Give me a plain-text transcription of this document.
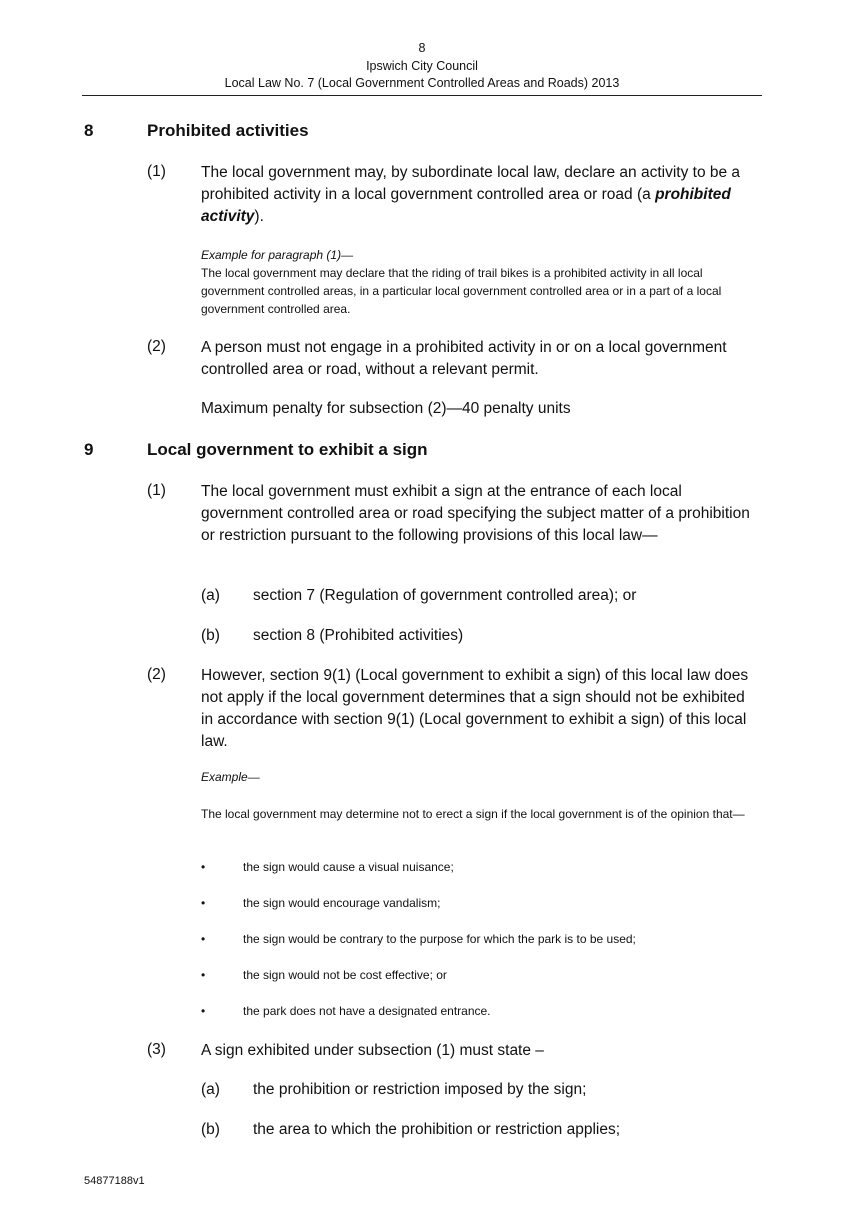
8
Ipswich City Council
Local Law No. 7 (Local Government Controlled Areas and Roads) 2013
8	Prohibited activities
(1) The local government may, by subordinate local law, declare an activity to be a prohibited activity in a local government controlled area or road (a prohibited activity).
Example for paragraph (1)—
The local government may declare that the riding of trail bikes is a prohibited activity in all local government controlled areas, in a particular local government controlled area or in a part of a local government controlled area.
(2) A person must not engage in a prohibited activity in or on a local government controlled area or road, without a relevant permit.
Maximum penalty for subsection (2)—40 penalty units
9	Local government to exhibit a sign
(1) The local government must exhibit a sign at the entrance of each local government controlled area or road specifying the subject matter of a prohibition or restriction pursuant to the following provisions of this local law—
(a) section 7 (Regulation of government controlled area); or
(b) section 8 (Prohibited activities)
(2) However, section 9(1) (Local government to exhibit a sign) of this local law does not apply if the local government determines that a sign should not be exhibited in accordance with section 9(1) (Local government to exhibit a sign) of this local law.
Example—
The local government may determine not to erect a sign if the local government is of the opinion that—
•	the sign would cause a visual nuisance;
•	the sign would encourage vandalism;
•	the sign would be contrary to the purpose for which the park is to be used;
•	the sign would not be cost effective; or
•	the park does not have a designated entrance.
(3) A sign exhibited under subsection (1) must state –
(a) the prohibition or restriction imposed by the sign;
(b) the area to which the prohibition or restriction applies;
54877188v1
